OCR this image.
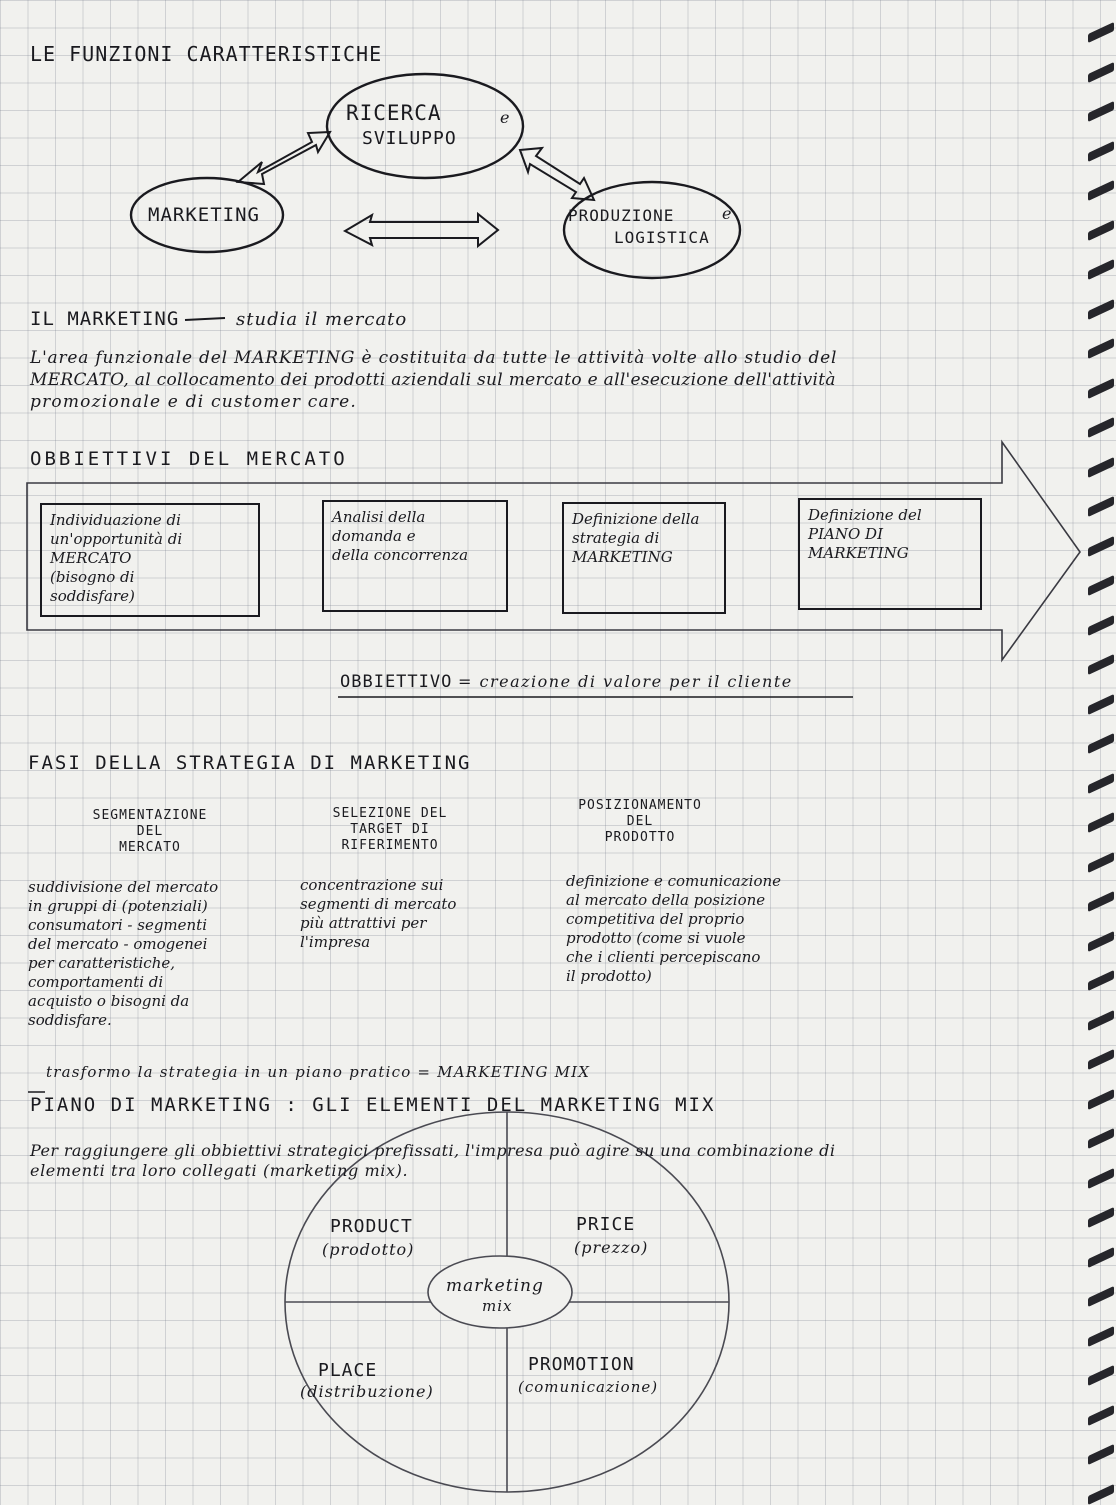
LE FUNZIONI CARATTERISTICHE
RICERCA
SVILUPPO
e
MARKETING	PRODUZIONE	e
LOGISTICA
IL MARKETING	studia il mercato
L'area funzionale del MARKETING è costituita da tutte le attività volte allo studio del
MERCATO, al collocamento dei prodotti aziendali sul mercato e all'esecuzione dell'attività
promozionale e di customer care.
OBBIETTIVI DEL MERCATO
Individuazione di
un'opportunità di
MERCATO
(bisogno di
soddisfare)
Analisi della
domanda e
della concorrenza
Definizione della
strategia di
MARKETING
Definizione del
PIANO DI
MARKETING
OBBIETTIVO = creazione di valore per il cliente
FASI DELLA STRATEGIA DI MARKETING
SEGMENTAZIONE
DEL
MERCATO
SELEZIONE DEL
TARGET DI
RIFERIMENTO
POSIZIONAMENTO
DEL
PRODOTTO
suddivisione del mercato
in gruppi di (potenziali)
consumatori - segmenti
del mercato - omogenei
per caratteristiche,
comportamenti di
acquisto o bisogni da
soddisfare.
concentrazione sui
segmenti di mercato
più attrattivi per
l'impresa
definizione e comunicazione
al mercato della posizione
competitiva del proprio
prodotto (come si vuole
che i clienti percepiscano
il prodotto)
trasformo la strategia in un piano pratico = MARKETING MIX
PIANO DI MARKETING : GLI ELEMENTI DEL MARKETING MIX
Per raggiungere gli obbiettivi strategici prefissati, l'impresa può agire su una combinazione di
elementi tra loro collegati (marketing mix).
PRODUCT
(prodotto)
PRICE
(prezzo)
marketing
mix
PLACE
(distribuzione)
PROMOTION
(comunicazione)
